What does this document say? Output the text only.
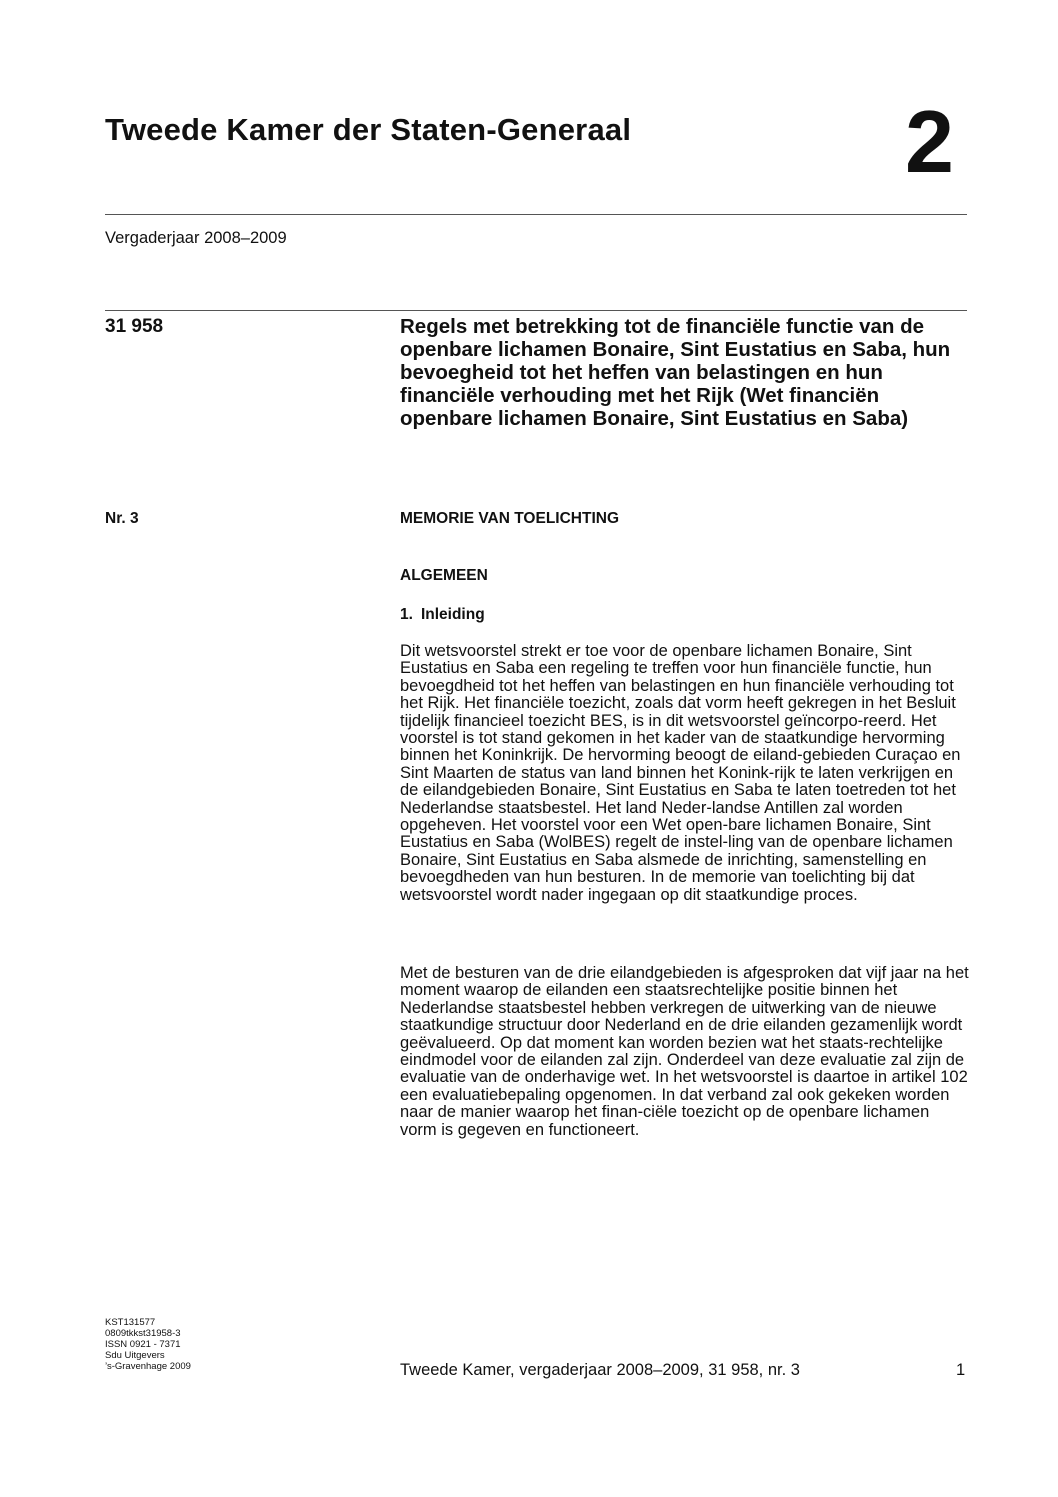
Tweede Kamer der Staten-Generaal	2
Vergaderjaar 2008–2009
31 958	Regels met betrekking tot de financiële functie van de openbare lichamen Bonaire, Sint Eustatius en Saba, hun bevoegheid tot het heffen van belastingen en hun financiële verhouding met het Rijk (Wet financiën openbare lichamen Bonaire, Sint Eustatius en Saba)
Nr. 3	MEMORIE VAN TOELICHTING
ALGEMEEN
1. Inleiding
Dit wetsvoorstel strekt er toe voor de openbare lichamen Bonaire, Sint Eustatius en Saba een regeling te treffen voor hun financiële functie, hun bevoegdheid tot het heffen van belastingen en hun financiële verhouding tot het Rijk. Het financiële toezicht, zoals dat vorm heeft gekregen in het Besluit tijdelijk financieel toezicht BES, is in dit wetsvoorstel geïncorpo-reerd. Het voorstel is tot stand gekomen in het kader van de staatkundige hervorming binnen het Koninkrijk. De hervorming beoogt de eiland-gebieden Curaçao en Sint Maarten de status van land binnen het Konink-rijk te laten verkrijgen en de eilandgebieden Bonaire, Sint Eustatius en Saba te laten toetreden tot het Nederlandse staatsbestel. Het land Neder-landse Antillen zal worden opgeheven. Het voorstel voor een Wet open-bare lichamen Bonaire, Sint Eustatius en Saba (WolBES) regelt de instel-ling van de openbare lichamen Bonaire, Sint Eustatius en Saba alsmede de inrichting, samenstelling en bevoegdheden van hun besturen. In de memorie van toelichting bij dat wetsvoorstel wordt nader ingegaan op dit staatkundige proces.
Met de besturen van de drie eilandgebieden is afgesproken dat vijf jaar na het moment waarop de eilanden een staatsrechtelijke positie binnen het Nederlandse staatsbestel hebben verkregen de uitwerking van de nieuwe staatkundige structuur door Nederland en de drie eilanden gezamenlijk wordt geëvalueerd. Op dat moment kan worden bezien wat het staats-rechtelijke eindmodel voor de eilanden zal zijn. Onderdeel van deze evaluatie zal zijn de evaluatie van de onderhavige wet. In het wetsvoorstel is daartoe in artikel 102 een evaluatiebepaling opgenomen. In dat verband zal ook gekeken worden naar de manier waarop het finan-ciële toezicht op de openbare lichamen vorm is gegeven en functioneert.
KST131577
0809tkkst31958-3
ISSN 0921 - 7371
Sdu Uitgevers
’s-Gravenhage 2009	Tweede Kamer, vergaderjaar 2008–2009, 31 958, nr. 3	1
